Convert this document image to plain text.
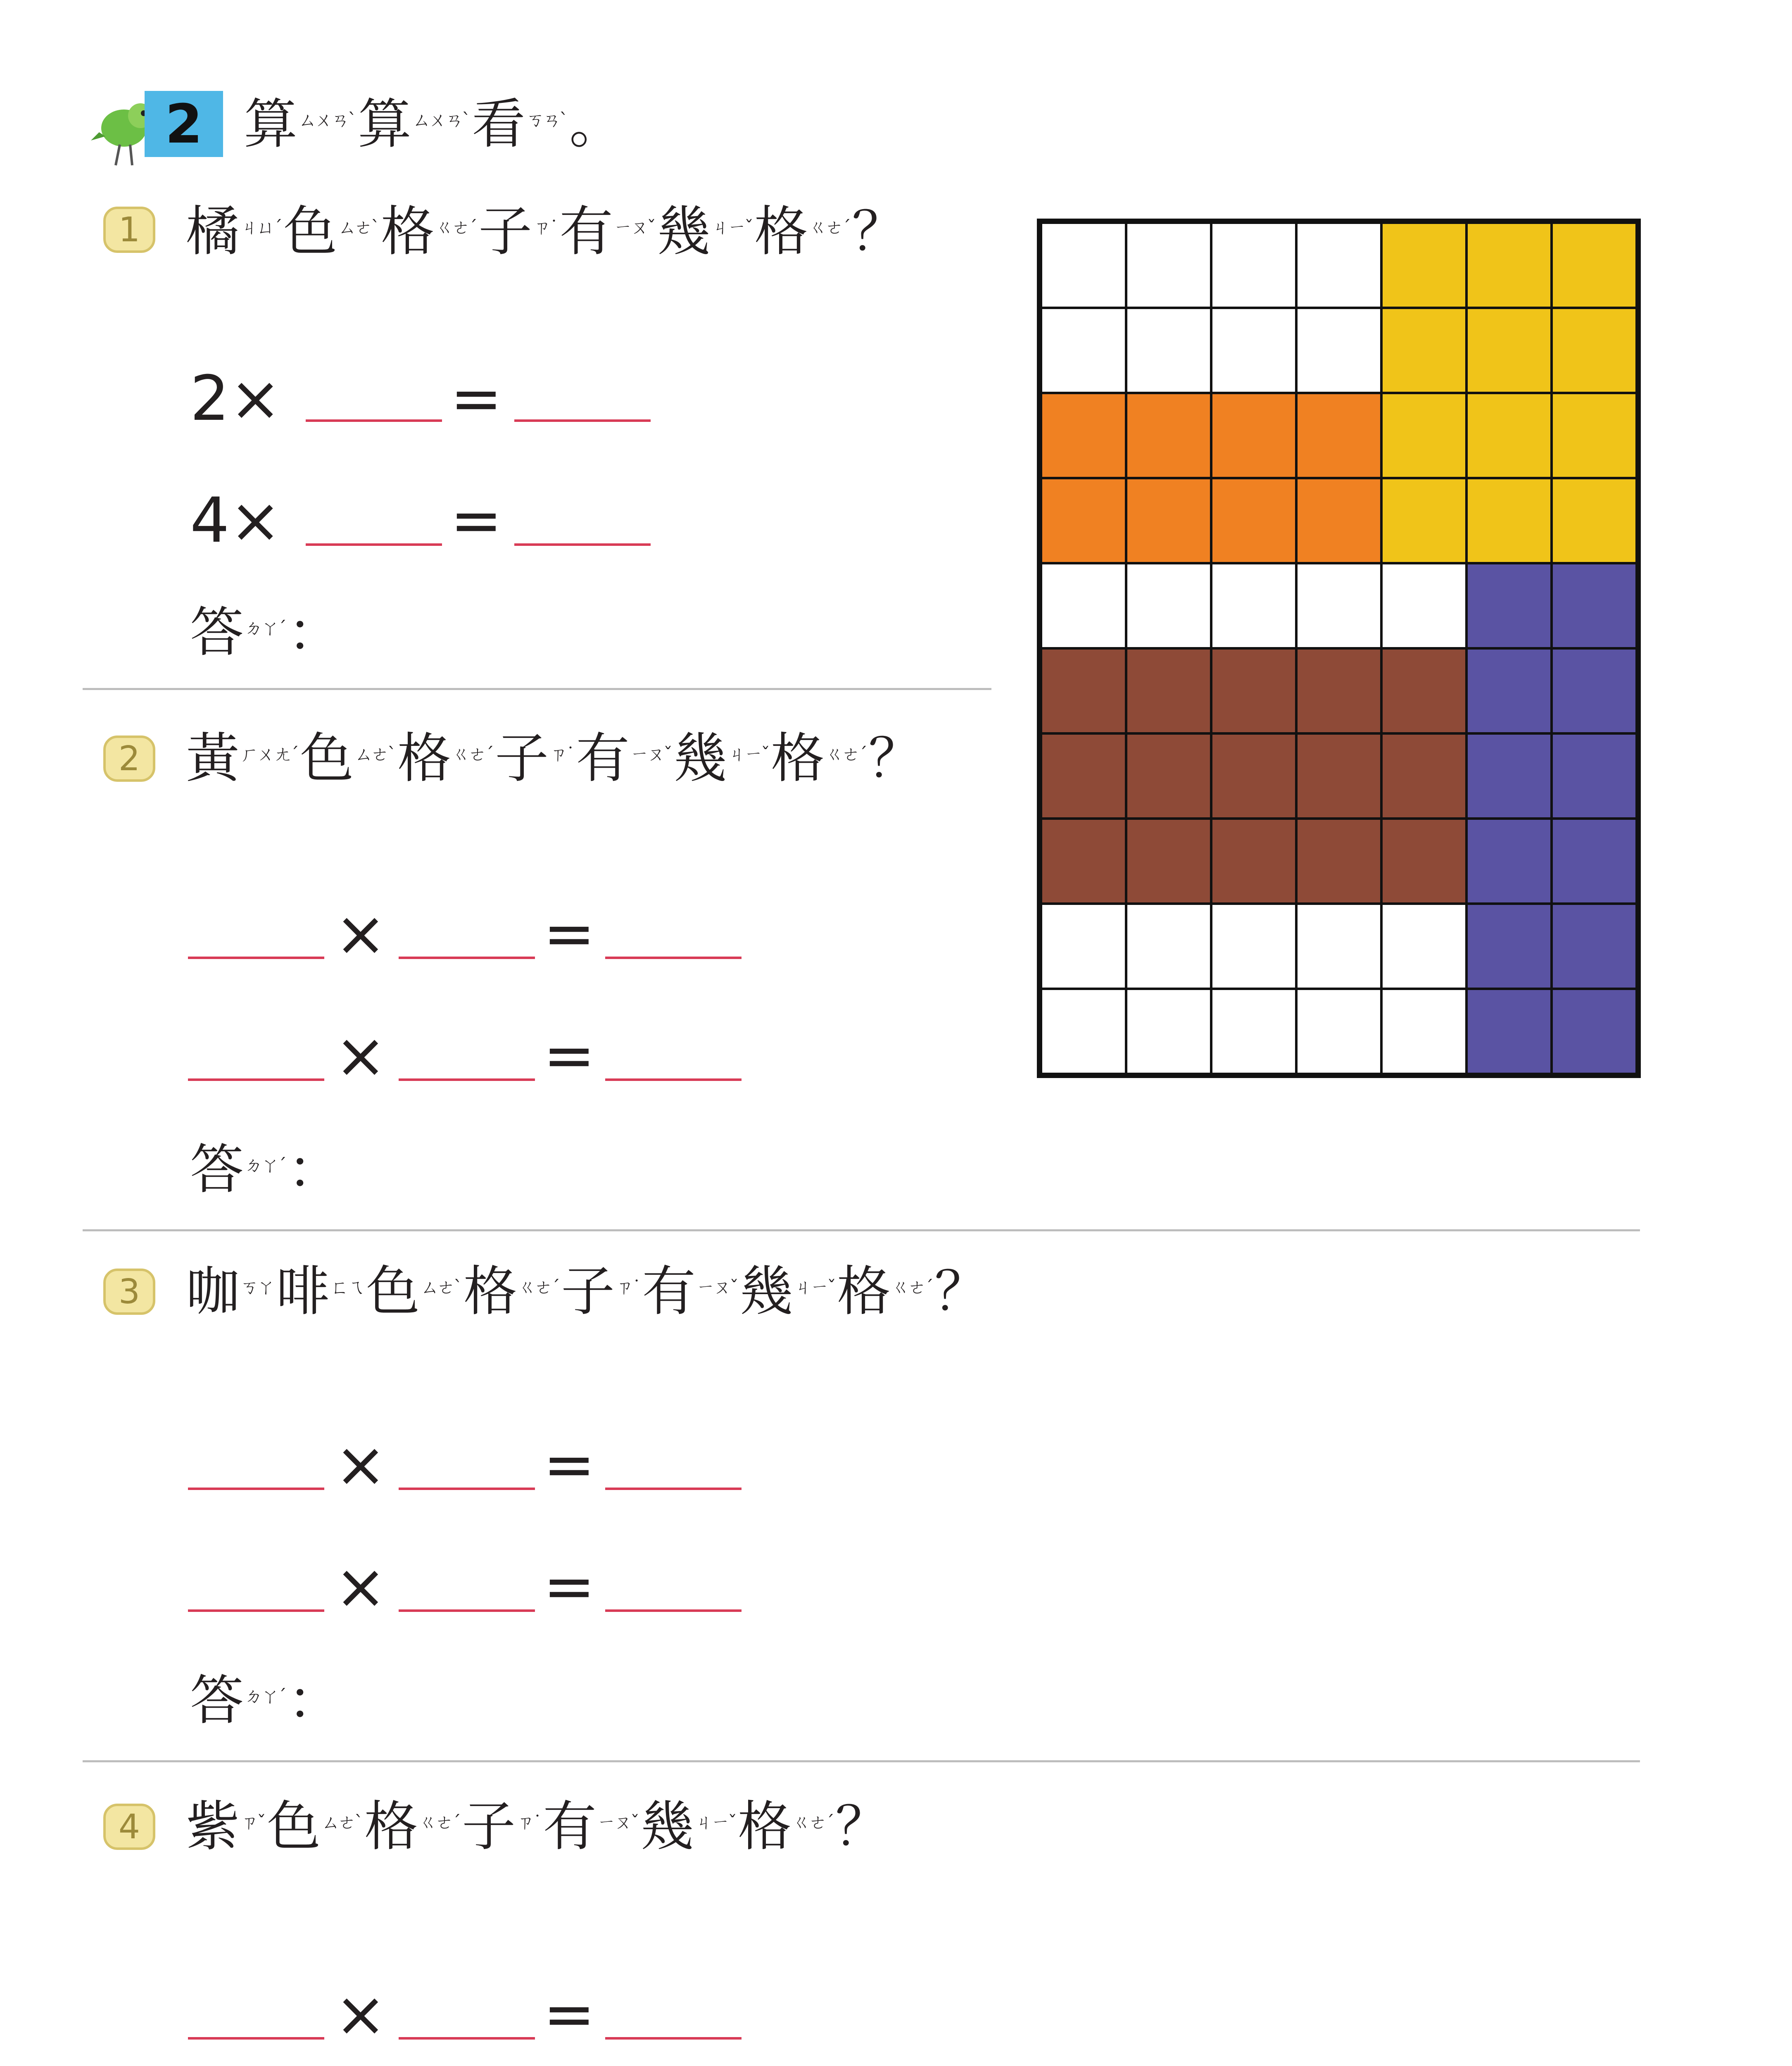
2 算$^{ㄙㄨㄢˋ}$算$^{ㄙㄨㄢˋ}$看$^{ㄎㄢˋ}$。
1 橘$^{ㄐㄩˊ}$色$^{ㄙㄜˋ}$格$^{ㄍㄜˊ}$子$^{ㄗ˙}$有$^{ㄧㄡˇ}$幾$^{ㄐㄧˇ}$格$^{ㄍㄜˊ}$？
2×	=
4×	=
答$^{ㄉㄚˊ}$：
2 黃$^{ㄏㄨㄤˊ}$色$^{ㄙㄜˋ}$格$^{ㄍㄜˊ}$子$^{ㄗ˙}$有$^{ㄧㄡˇ}$幾$^{ㄐㄧˇ}$格$^{ㄍㄜˊ}$？
×	=
×	=
答$^{ㄉㄚˊ}$：
3 咖$^{ㄎㄚ}$啡$^{ㄈㄟ}$色$^{ㄙㄜˋ}$格$^{ㄍㄜˊ}$子$^{ㄗ˙}$有$^{ㄧㄡˇ}$幾$^{ㄐㄧˇ}$格$^{ㄍㄜˊ}$？
×	=
×	=
答$^{ㄉㄚˊ}$：
4 紫$^{ㄗˇ}$色$^{ㄙㄜˋ}$格$^{ㄍㄜˊ}$子$^{ㄗ˙}$有$^{ㄧㄡˇ}$幾$^{ㄐㄧˇ}$格$^{ㄍㄜˊ}$？
×	=
